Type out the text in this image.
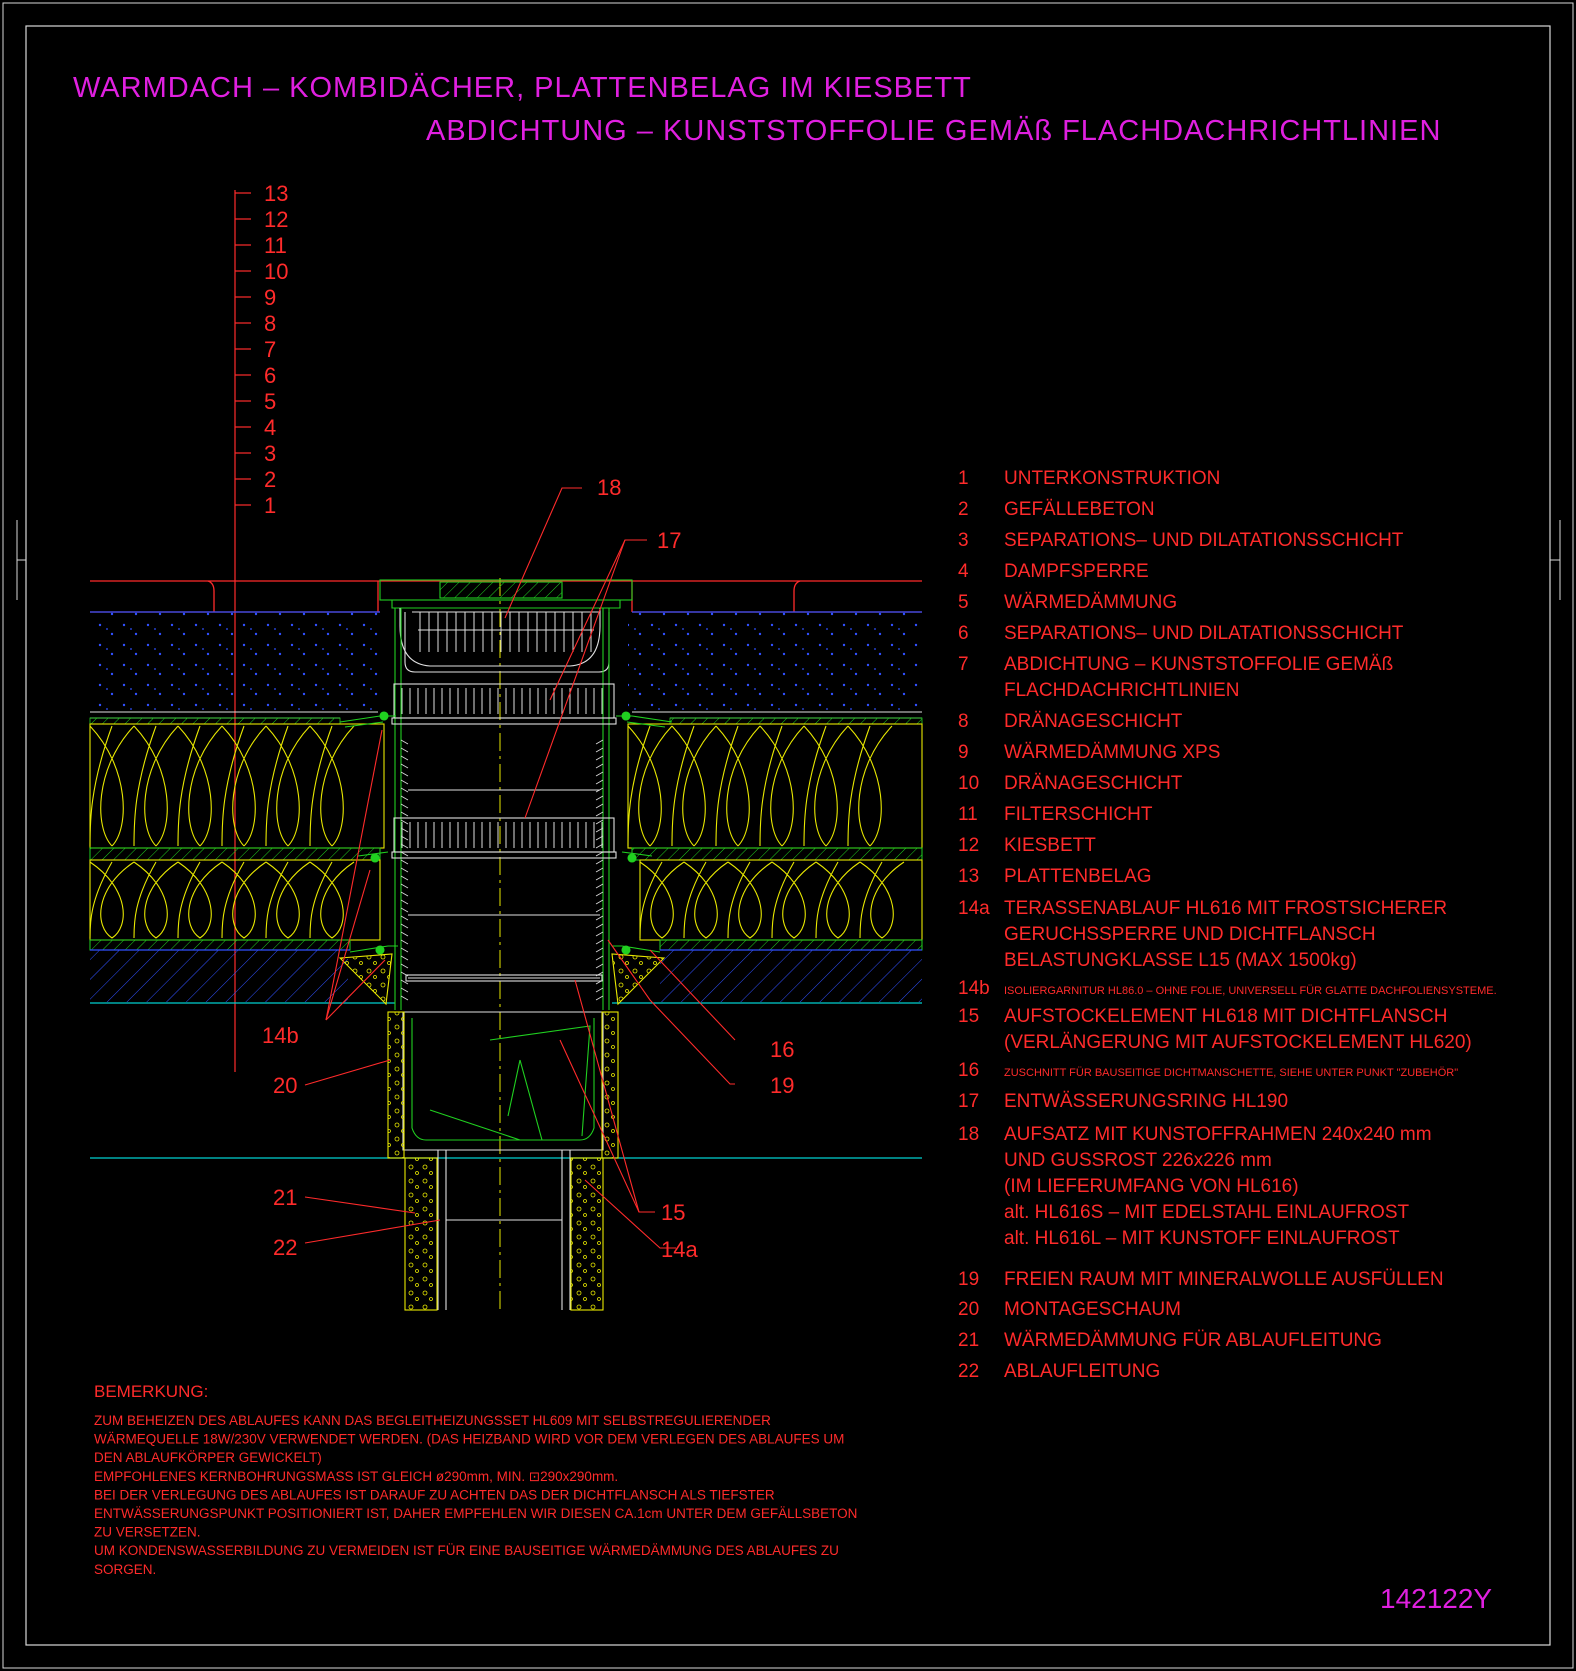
WARMDACH – KOMBIDÄCHER, PLATTENBELAG IM KIESBETT
ABDICHTUNG – KUNSTSTOFFOLIE GEMÄß FLACHDACHRICHTLINIEN
13
12
11
10
9
8
7
6
5
4
3
2
1
18
17
16
19
14b
20
21
22
15
14a
1 UNTERKONSTRUKTION
2 GEFÄLLEBETON
3 SEPARATIONS– UND DILATATIONSSCHICHT
4 DAMPFSPERRE
5 WÄRMEDÄMMUNG
6 SEPARATIONS– UND DILATATIONSSCHICHT
7 ABDICHTUNG – KUNSTSTOFFOLIE GEMÄß
FLACHDACHRICHTLINIEN
8 DRÄNAGESCHICHT
9 WÄRMEDÄMMUNG XPS
10 DRÄNAGESCHICHT
11 FILTERSCHICHT
12 KIESBETT
13 PLATTENBELAG
14a TERASSENABLAUF HL616 MIT FROSTSICHERER
GERUCHSSPERRE UND DICHTFLANSCH
BELASTUNGKLASSE L15 (MAX 1500kg)
14b ISOLIERGARNITUR HL86.0 – OHNE FOLIE, UNIVERSELL FÜR GLATTE DACHFOLIENSYSTEME.
15 AUFSTOCKELEMENT HL618 MIT DICHTFLANSCH
(VERLÄNGERUNG MIT AUFSTOCKELEMENT HL620)
16 ZUSCHNITT FÜR BAUSEITIGE DICHTMANSCHETTE, SIEHE UNTER PUNKT "ZUBEHÖR"
17 ENTWÄSSERUNGSRING HL190
18 AUFSATZ MIT KUNSTOFFRAHMEN 240x240 mm
UND GUSSROST 226x226 mm
(IM LIEFERUMFANG VON HL616)
alt. HL616S – MIT EDELSTAHL EINLAUFROST
alt. HL616L – MIT KUNSTOFF EINLAUFROST
19 FREIEN RAUM MIT MINERALWOLLE AUSFÜLLEN
20 MONTAGESCHAUM
21 WÄRMEDÄMMUNG FÜR ABLAUFLEITUNG
22 ABLAUFLEITUNG
BEMERKUNG:
ZUM BEHEIZEN DES ABLAUFES KANN DAS BEGLEITHEIZUNGSSET HL609 MIT SELBSTREGULIERENDER
WÄRMEQUELLE 18W/230V VERWENDET WERDEN. (DAS HEIZBAND WIRD VOR DEM VERLEGEN DES ABLAUFES UM
DEN ABLAUFKÖRPER GEWICKELT)
EMPFOHLENES KERNBOHRUNGSMASS IST GLEICH ø290mm, MIN. ⊡290x290mm.
BEI DER VERLEGUNG DES ABLAUFES IST DARAUF ZU ACHTEN DAS DER DICHTFLANSCH ALS TIEFSTER
ENTWÄSSERUNGSPUNKT POSITIONIERT IST, DAHER EMPFEHLEN WIR DIESEN CA.1cm UNTER DEM GEFÄLLSBETON
ZU VERSETZEN.
UM KONDENSWASSERBILDUNG ZU VERMEIDEN IST FÜR EINE BAUSEITIGE WÄRMEDÄMMUNG DES ABLAUFES ZU
SORGEN.
142122Y
